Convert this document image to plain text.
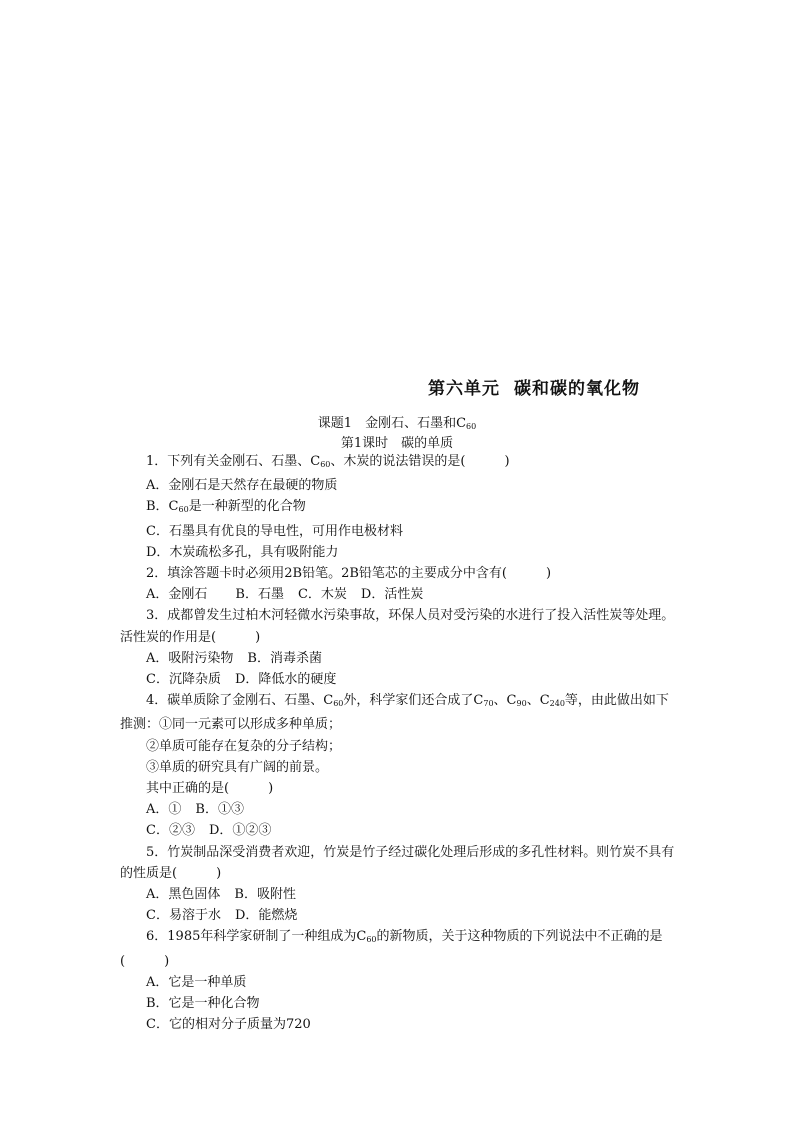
第六单元 碳和碳的氧化物

课题1　金刚石、石墨和$C_{60}$

第1课时　碳的单质

1．下列有关金刚石、石墨、$C_{60}$、木炭的说法错误的是(　　　)

A．金刚石是天然存在最硬的物质

B．$C_{60}$是一种新型的化合物

C．石墨具有优良的导电性，可用作电极材料

D．木炭疏松多孔，具有吸附能力

2．填涂答题卡时必须用2B铅笔。2B铅笔芯的主要成分中含有(　　　)

A．金刚石 B．石墨 C．木炭 D．活性炭

3．成都曾发生过柏木河轻微水污染事故，环保人员对受污染的水进行了投入活性炭等处理。活性炭的作用是(　　　)

A．吸附污染物 B．消毒杀菌

C．沉降杂质 D．降低水的硬度

4．碳单质除了金刚石、石墨、$C_{60}$外，科学家们还合成了$C_{70}$、$C_{90}$、$C_{240}$等，由此做出如下推测：①同一元素可以形成多种单质；

②单质可能存在复杂的分子结构；

③单质的研究具有广阔的前景。

其中正确的是(　　　)

A．① B．①③

C．②③ D．①②③

5．竹炭制品深受消费者欢迎，竹炭是竹子经过碳化处理后形成的多孔性材料。则竹炭不具有的性质是(　　　)

A．黑色固体 B．吸附性

C．易溶于水 D．能燃烧

6．1985年科学家研制了一种组成为$C_{60}$的新物质，关于这种物质的下列说法中不正确的是(　　　)

A．它是一种单质

B．它是一种化合物

C．它的相对分子质量为720
